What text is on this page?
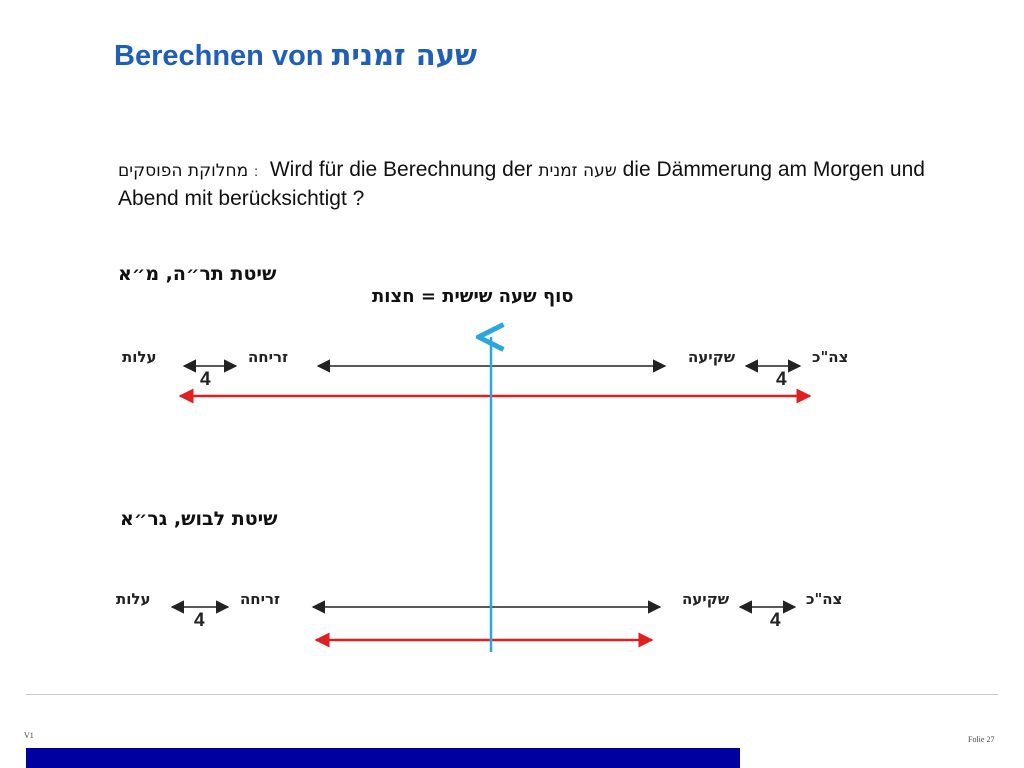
Berechnen von שעה זמנית
מחלוקת הפוסקים : Wird für die Berechnung der שעה זמנית die Dämmerung am Morgen und Abend mit berücksichtigt ?
שיטת תר״ה, מ״א
סוף שעה שישית = חצות
שיטת לבוש, גר״א
עלות	זריחה	שקיעה	צה"כ
4	4
עלות	זריחה	שקיעה	צה"כ
4	4
V1	Folie 27
